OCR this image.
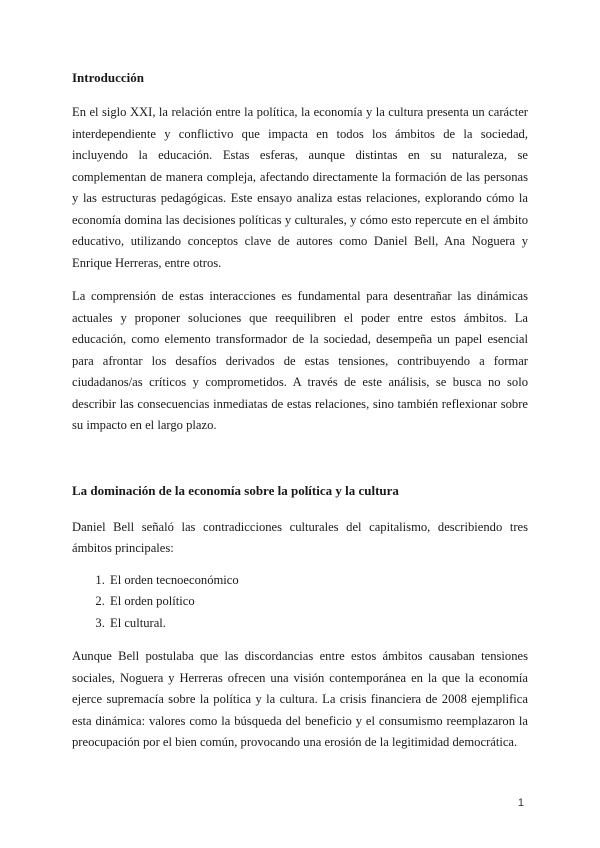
Introducción

En el siglo XXI, la relación entre la política, la economía y la cultura presenta un carácter interdependiente y conflictivo que impacta en todos los ámbitos de la sociedad, incluyendo la educación. Estas esferas, aunque distintas en su naturaleza, se complementan de manera compleja, afectando directamente la formación de las personas y las estructuras pedagógicas. Este ensayo analiza estas relaciones, explorando cómo la economía domina las decisiones políticas y culturales, y cómo esto repercute en el ámbito educativo, utilizando conceptos clave de autores como Daniel Bell, Ana Noguera y Enrique Herreras, entre otros.

La comprensión de estas interacciones es fundamental para desentrañar las dinámicas actuales y proponer soluciones que reequilibren el poder entre estos ámbitos. La educación, como elemento transformador de la sociedad, desempeña un papel esencial para afrontar los desafíos derivados de estas tensiones, contribuyendo a formar ciudadanos/as críticos y comprometidos. A través de este análisis, se busca no solo describir las consecuencias inmediatas de estas relaciones, sino también reflexionar sobre su impacto en el largo plazo.

La dominación de la economía sobre la política y la cultura

Daniel Bell señaló las contradicciones culturales del capitalismo, describiendo tres ámbitos principales:

1. El orden tecnoeconómico
2. El orden político
3. El cultural.

Aunque Bell postulaba que las discordancias entre estos ámbitos causaban tensiones sociales, Noguera y Herreras ofrecen una visión contemporánea en la que la economía ejerce supremacía sobre la política y la cultura. La crisis financiera de 2008 ejemplifica esta dinámica: valores como la búsqueda del beneficio y el consumismo reemplazaron la preocupación por el bien común, provocando una erosión de la legitimidad democrática.

1
